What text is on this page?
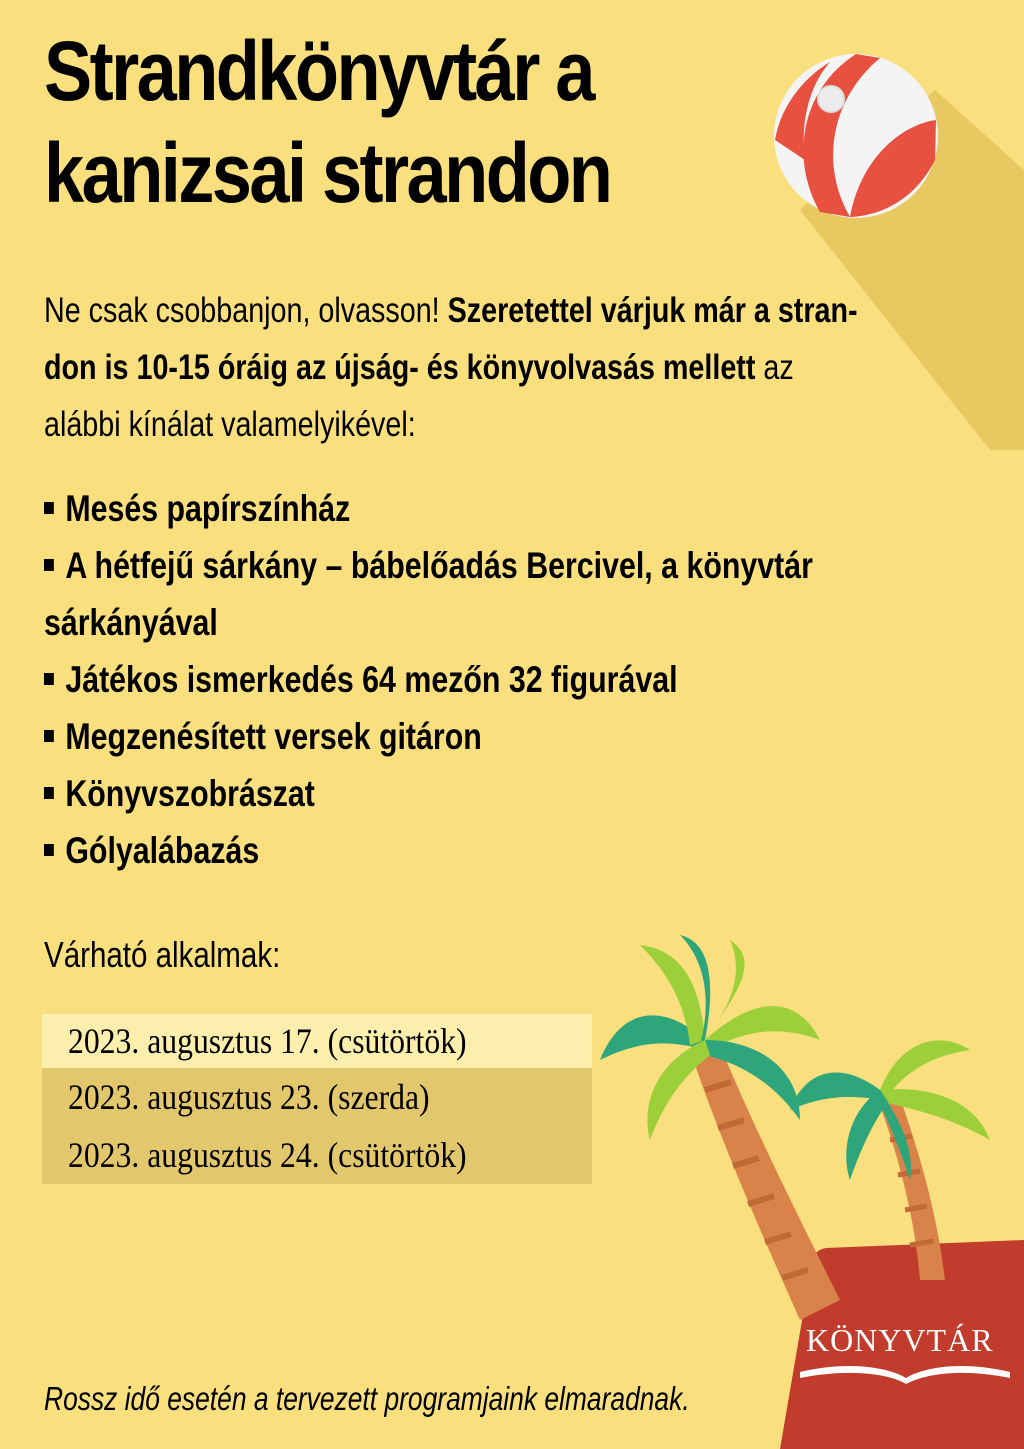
Strandkönyvtár a
kanizsai strandon
Ne csak csobbanjon, olvasson! Szeretettel várjuk már a stran-
don is 10-15 óráig az újság- és könyvolvasás mellett az
alábbi kínálat valamelyikével:
Mesés papírszínház
A hétfejű sárkány – bábelőadás Bercivel, a könyvtár
sárkányával
Játékos ismerkedés 64 mezőn 32 figurával
Megzenésített versek gitáron
Könyvszobrászat
Gólyalábazás
Várható alkalmak:
2023. augusztus 17. (csütörtök)
2023. augusztus 23. (szerda)
2023. augusztus 24. (csütörtök)
Rossz idő esetén a tervezett programjaink elmaradnak.
KÖNYVTÁR
